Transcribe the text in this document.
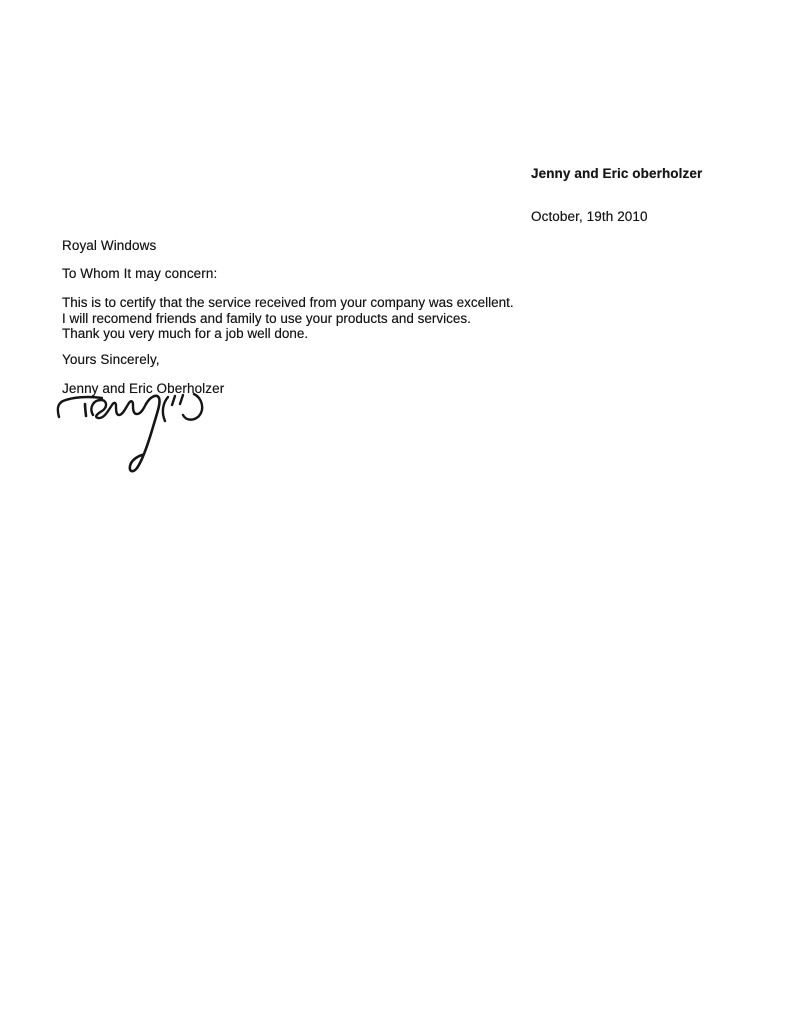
Jenny and Eric oberholzer
October, 19th 2010
Royal Windows
To Whom It may concern:
This is to certify that the service received from your company was excellent.
I will recomend friends and family to use your products and services.
Thank you very much for a job well done.
Yours Sincerely,
Jenny and Eric Oberholzer
